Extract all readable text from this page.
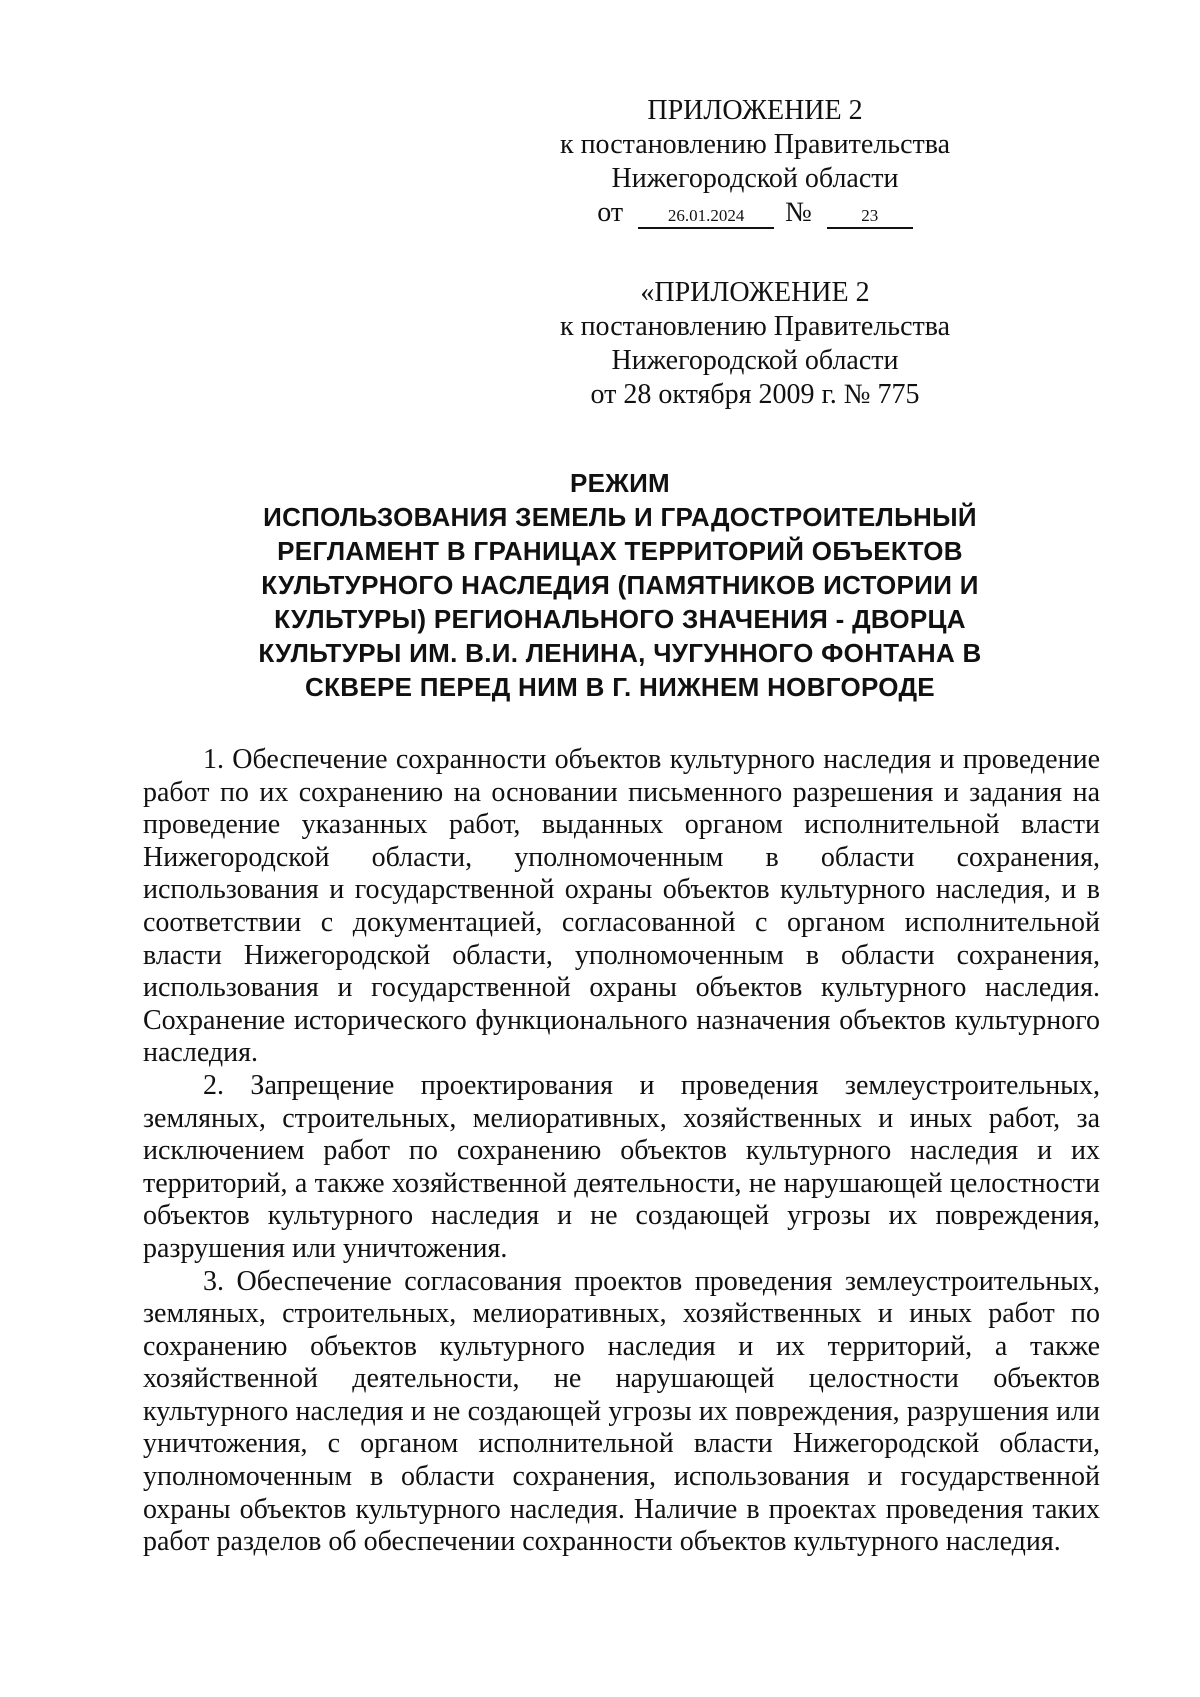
ПРИЛОЖЕНИЕ 2
к постановлению Правительства
Нижегородской области
от	26.01.2024 №	23
«ПРИЛОЖЕНИЕ 2
к постановлению Правительства
Нижегородской области
от 28 октября 2009 г. № 775
РЕЖИМ
ИСПОЛЬЗОВАНИЯ ЗЕМЕЛЬ И ГРАДОСТРОИТЕЛЬНЫЙ
РЕГЛАМЕНТ В ГРАНИЦАХ ТЕРРИТОРИЙ ОБЪЕКТОВ
КУЛЬТУРНОГО НАСЛЕДИЯ (ПАМЯТНИКОВ ИСТОРИИ И
КУЛЬТУРЫ) РЕГИОНАЛЬНОГО ЗНАЧЕНИЯ - ДВОРЦА
КУЛЬТУРЫ ИМ. В.И. ЛЕНИНА, ЧУГУННОГО ФОНТАНА В
СКВЕРЕ ПЕРЕД НИМ В Г. НИЖНЕМ НОВГОРОДЕ

1. Обеспечение сохранности объектов культурного наследия и проведение работ по их сохранению на основании письменного разрешения и задания на проведение указанных работ, выданных органом исполнительной власти Нижегородской области, уполномоченным в области сохранения, использования и государственной охраны объектов культурного наследия, и в соответствии с документацией, согласованной с органом исполнительной власти Нижегородской области, уполномоченным в области сохранения, использования и государственной охраны объектов культурного наследия. Сохранение исторического функционального назначения объектов культурного наследия.

2. Запрещение проектирования и проведения землеустроительных, земляных, строительных, мелиоративных, хозяйственных и иных работ, за исключением работ по сохранению объектов культурного наследия и их территорий, а также хозяйственной деятельности, не нарушающей целостности объектов культурного наследия и не создающей угрозы их повреждения, разрушения или уничтожения.

3. Обеспечение согласования проектов проведения землеустроительных, земляных, строительных, мелиоративных, хозяйственных и иных работ по сохранению объектов культурного наследия и их территорий, а также хозяйственной деятельности, не нарушающей целостности объектов культурного наследия и не создающей угрозы их повреждения, разрушения или уничтожения, с органом исполнительной власти Нижегородской области, уполномоченным в области сохранения, использования и государственной охраны объектов культурного наследия. Наличие в проектах проведения таких работ разделов об обеспечении сохранности объектов культурного наследия.
